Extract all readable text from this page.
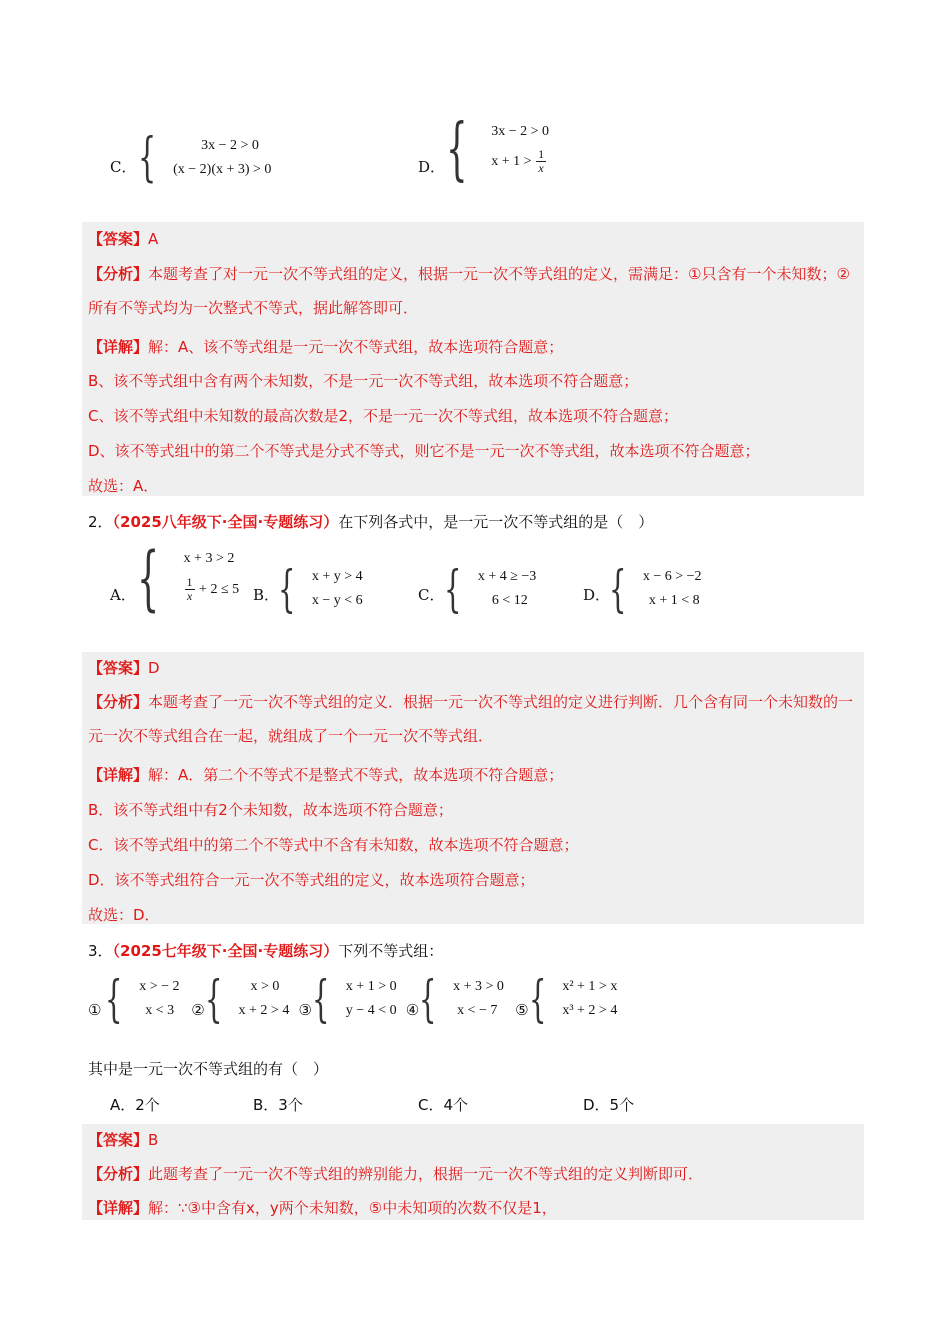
C． {	3x − 2 > 0
(x − 2)(x + 3) > 0	D． { 3x − 2 > 0
$x + 1 > \frac{1}{x}$

【答案】A

【分析】本题考查了对一元一次不等式组的定义，根据一元一次不等式组的定义，需满足：①只含有一个未知数；②所有不等式均为一次整式不等式，据此解答即可．

【详解】解：A、该不等式组是一元一次不等式组，故本选项符合题意；

B、该不等式组中含有两个未知数，不是一元一次不等式组，故本选项不符合题意；

C、该不等式组中未知数的最高次数是2，不是一元一次不等式组，故本选项不符合题意；

D、该不等式组中的第二个不等式是分式不等式，则它不是一元一次不等式组，故本选项不符合题意；

故选：A．

2．（2025八年级下·全国·专题练习）在下列各式中，是一元一次不等式组的是（　）
A． { x + 3 > 2
$\frac{1}{x} + 2 \le 5$ B．
{ x + y > 4
x − y < 6	C． { x + 4 ≥ −3
6 < 12	D．
{ x − 6 > −2
x + 1 < 8

【答案】D

【分析】本题考查了一元一次不等式组的定义．根据一元一次不等式组的定义进行判断．几个含有同一个未知数的一元一次不等式组合在一起，就组成了一个一元一次不等式组．

【详解】解：A．第二个不等式不是整式不等式，故本选项不符合题意；

B．该不等式组中有2个未知数，故本选项不符合题意；

C．该不等式组中的第二个不等式中不含有未知数，故本选项不符合题意；

D．该不等式组符合一元一次不等式组的定义，故本选项符合题意；

故选：D．

3．（2025七年级下·全国·专题练习）下列不等式组：
① { x > − 2
x < 3	② {	x > 0
x + 2 > 4 ③ { x + 1 > 0
y − 4 < 0 ④ { x + 3 > 0
x < − 7	⑤ { x² + 1 > x
x³ + 2 > 4
其中是一元一次不等式组的有（　）
A．2个	B．3个	C．4个	D．5个

【答案】B

【分析】此题考查了一元一次不等式组的辨别能力，根据一元一次不等式组的定义判断即可．

【详解】解：∵③中含有x，y两个未知数，⑤中未知项的次数不仅是1，
